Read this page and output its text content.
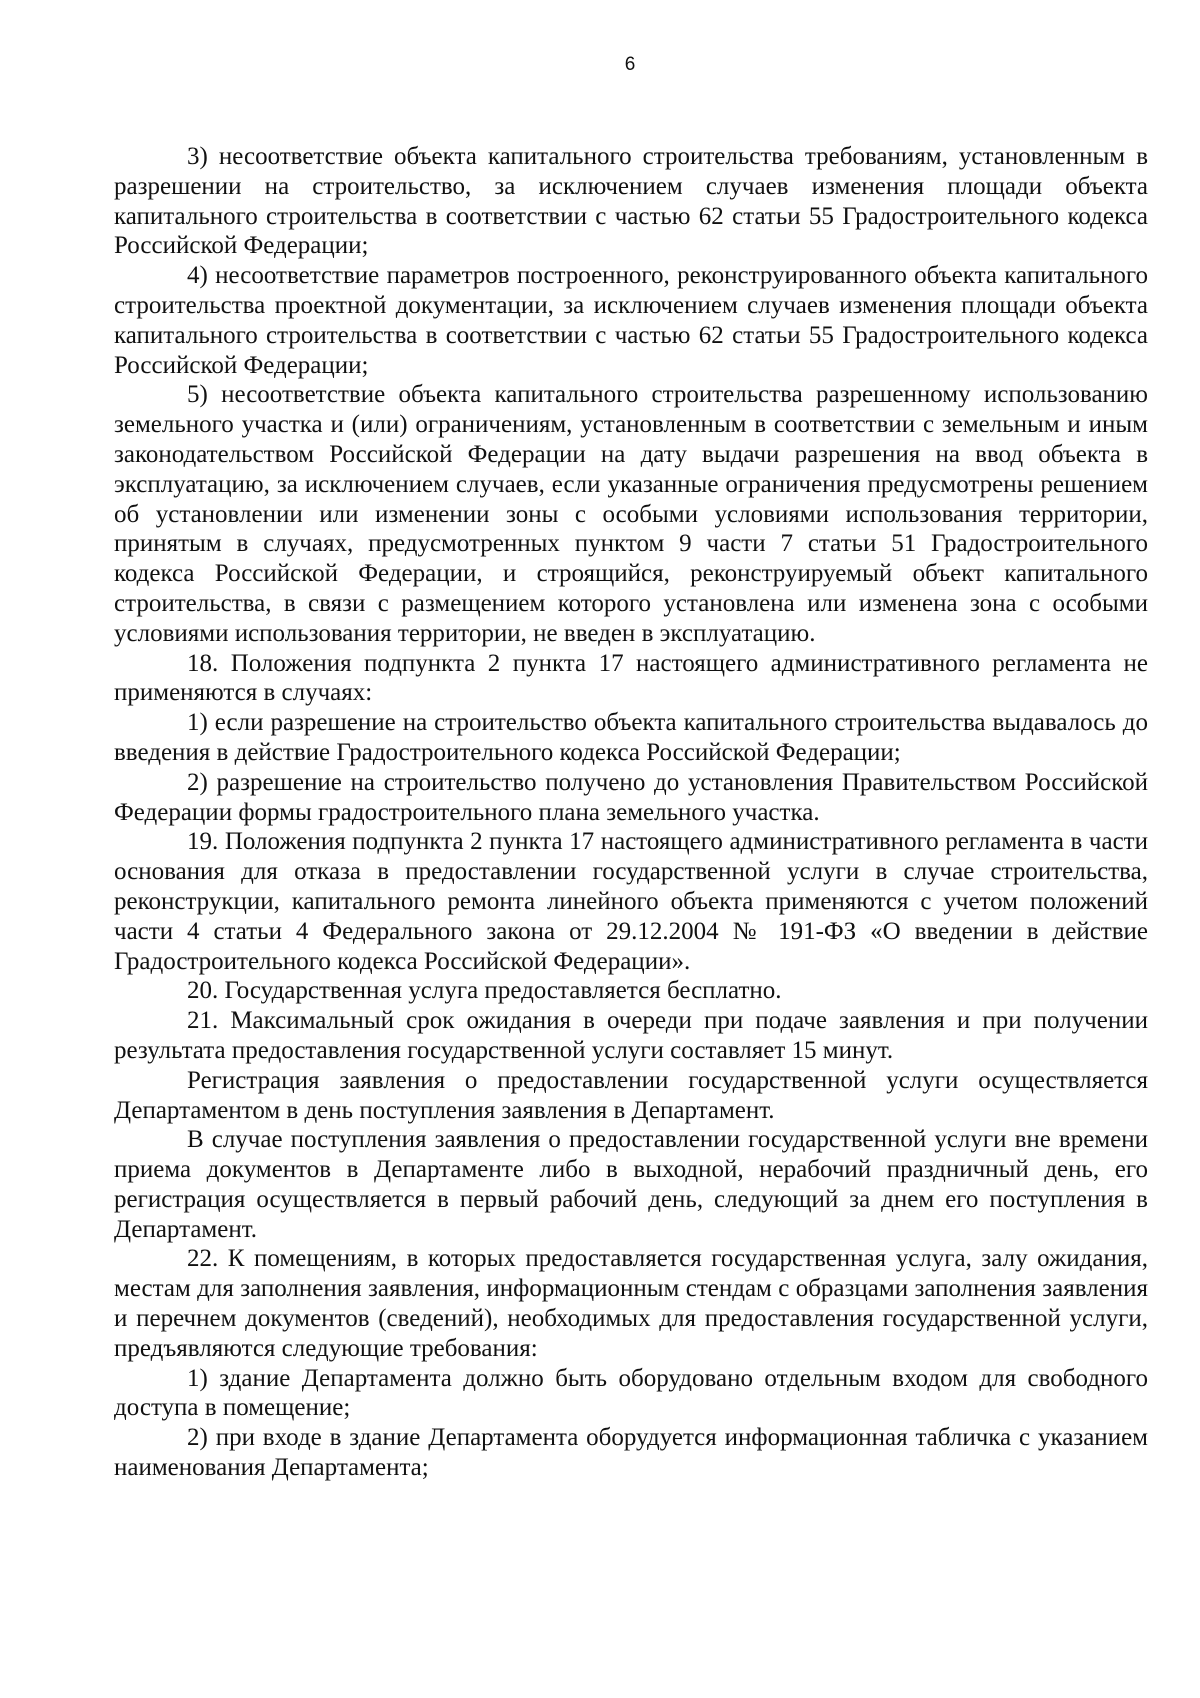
6

3) несоответствие объекта капитального строительства требованиям, установленным в разрешении на строительство, за исключением случаев изменения площади объекта капитального строительства в соответствии с частью 62 статьи 55 Градостроительного кодекса Российской Федерации;

4) несоответствие параметров построенного, реконструированного объекта капитального строительства проектной документации, за исключением случаев изменения площади объекта капитального строительства в соответствии с частью 62 статьи 55 Градостроительного кодекса Российской Федерации;

5) несоответствие объекта капитального строительства разрешенному использованию земельного участка и (или) ограничениям, установленным в соответствии с земельным и иным законодательством Российской Федерации на дату выдачи разрешения на ввод объекта в эксплуатацию, за исключением случаев, если указанные ограничения предусмотрены решением об установлении или изменении зоны с особыми условиями использования территории, принятым в случаях, предусмотренных пунктом 9 части 7 статьи 51 Градостроительного кодекса Российской Федерации, и строящийся, реконструируемый объект капитального строительства, в связи с размещением которого установлена или изменена зона с особыми условиями использования территории, не введен в эксплуатацию.

18. Положения подпункта 2 пункта 17 настоящего административного регламента не применяются в случаях:

1) если разрешение на строительство объекта капитального строительства выдавалось до введения в действие Градостроительного кодекса Российской Федерации;

2) разрешение на строительство получено до установления Правительством Российской Федерации формы градостроительного плана земельного участка.

19. Положения подпункта 2 пункта 17 настоящего административного регламента в части основания для отказа в предоставлении государственной услуги в случае строительства, реконструкции, капитального ремонта линейного объекта применяются с учетом положений части 4 статьи 4 Федерального закона от 29.12.2004 № 191-ФЗ «О введении в действие Градостроительного кодекса Российской Федерации».

20. Государственная услуга предоставляется бесплатно.

21. Максимальный срок ожидания в очереди при подаче заявления и при получении результата предоставления государственной услуги составляет 15 минут.

Регистрация заявления о предоставлении государственной услуги осуществляется Департаментом в день поступления заявления в Департамент.

В случае поступления заявления о предоставлении государственной услуги вне времени приема документов в Департаменте либо в выходной, нерабочий праздничный день, его регистрация осуществляется в первый рабочий день, следующий за днем его поступления в Департамент.

22. К помещениям, в которых предоставляется государственная услуга, залу ожидания, местам для заполнения заявления, информационным стендам с образцами заполнения заявления и перечнем документов (сведений), необходимых для предоставления государственной услуги, предъявляются следующие требования:

1) здание Департамента должно быть оборудовано отдельным входом для свободного доступа в помещение;

2) при входе в здание Департамента оборудуется информационная табличка с указанием наименования Департамента;
